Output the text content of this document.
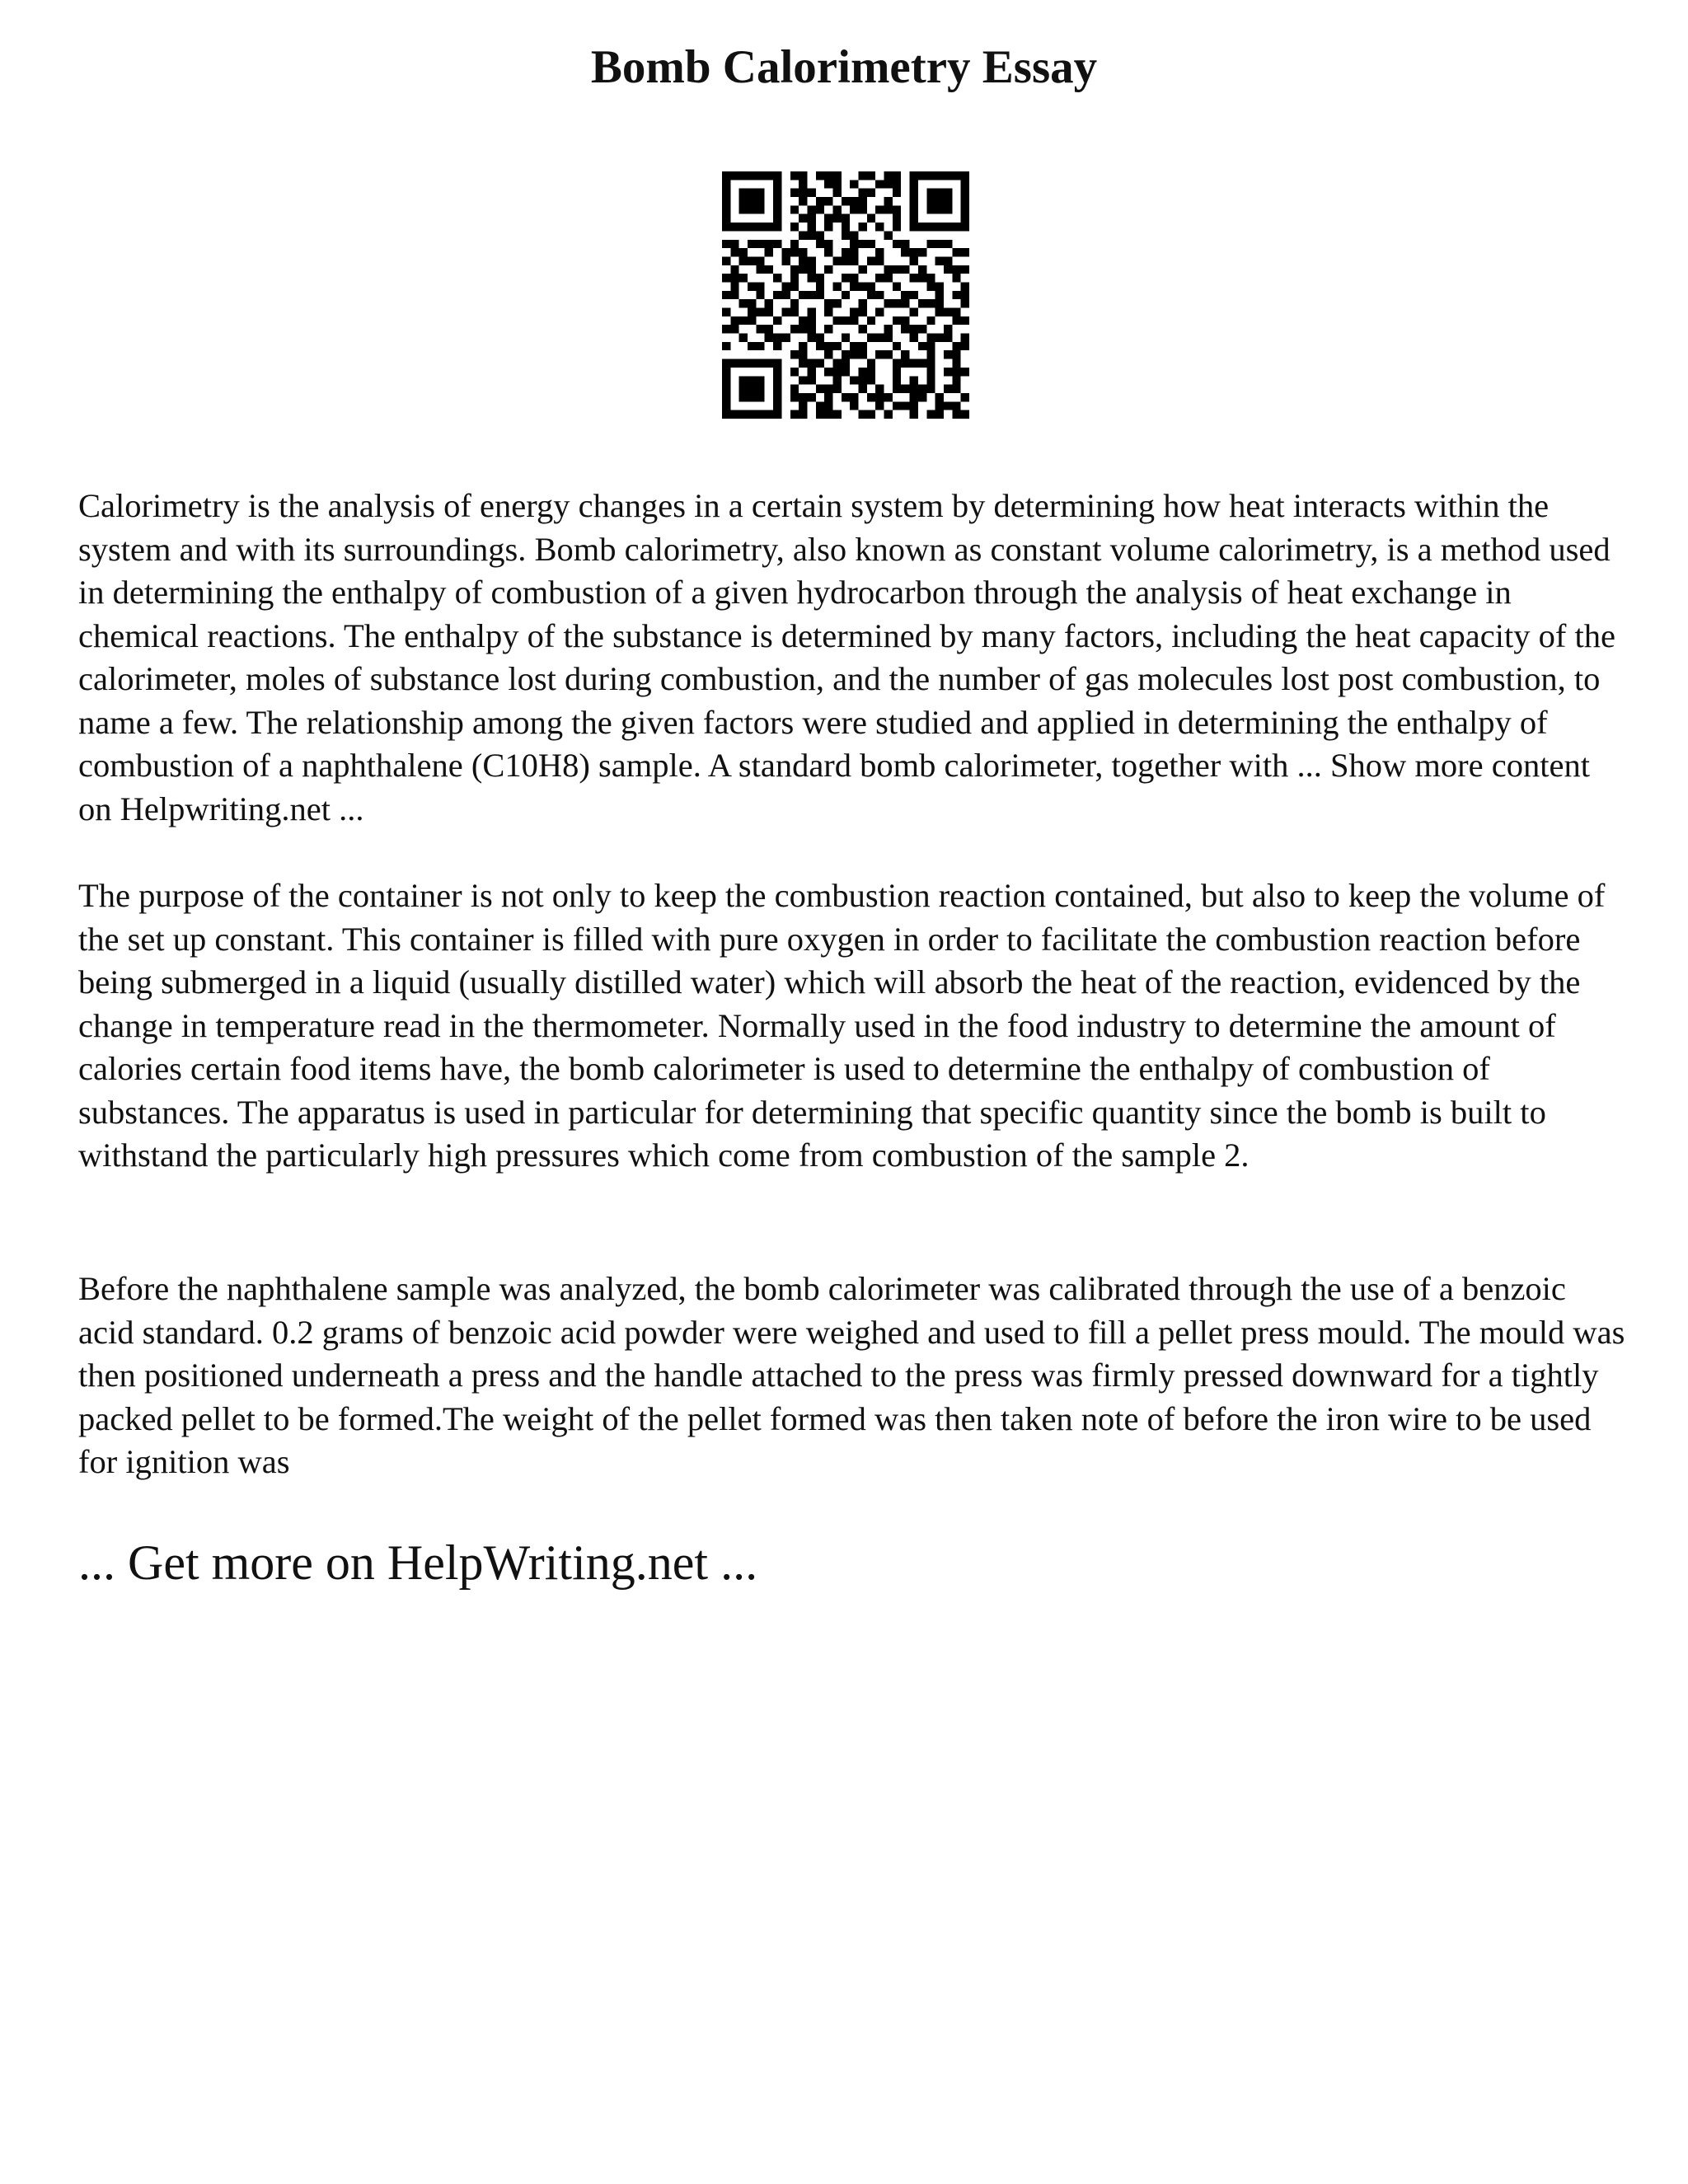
Bomb Calorimetry Essay

Calorimetry is the analysis of energy changes in a certain system by determining how heat interacts within the system and with its surroundings. Bomb calorimetry, also known as constant volume calorimetry, is a method used in determining the enthalpy of combustion of a given hydrocarbon through the analysis of heat exchange in chemical reactions. The enthalpy of the substance is determined by many factors, including the heat capacity of the calorimeter, moles of substance lost during combustion, and the number of gas molecules lost post combustion, to name a few. The relationship among the given factors were studied and applied in determining the enthalpy of combustion of a naphthalene (C10H8) sample. A standard bomb calorimeter, together with ... Show more content on Helpwriting.net ...

The purpose of the container is not only to keep the combustion reaction contained, but also to keep the volume of the set up constant. This container is filled with pure oxygen in order to facilitate the combustion reaction before being submerged in a liquid (usually distilled water) which will absorb the heat of the reaction, evidenced by the change in temperature read in the thermometer. Normally used in the food industry to determine the amount of calories certain food items have, the bomb calorimeter is used to determine the enthalpy of combustion of substances. The apparatus is used in particular for determining that specific quantity since the bomb is built to withstand the particularly high pressures which come from combustion of the sample 2.

Before the naphthalene sample was analyzed, the bomb calorimeter was calibrated through the use of a benzoic acid standard. 0.2 grams of benzoic acid powder were weighed and used to fill a pellet press mould. The mould was then positioned underneath a press and the handle attached to the press was firmly pressed downward for a tightly packed pellet to be formed.The weight of the pellet formed was then taken note of before the iron wire to be used for ignition was

... Get more on HelpWriting.net ...
